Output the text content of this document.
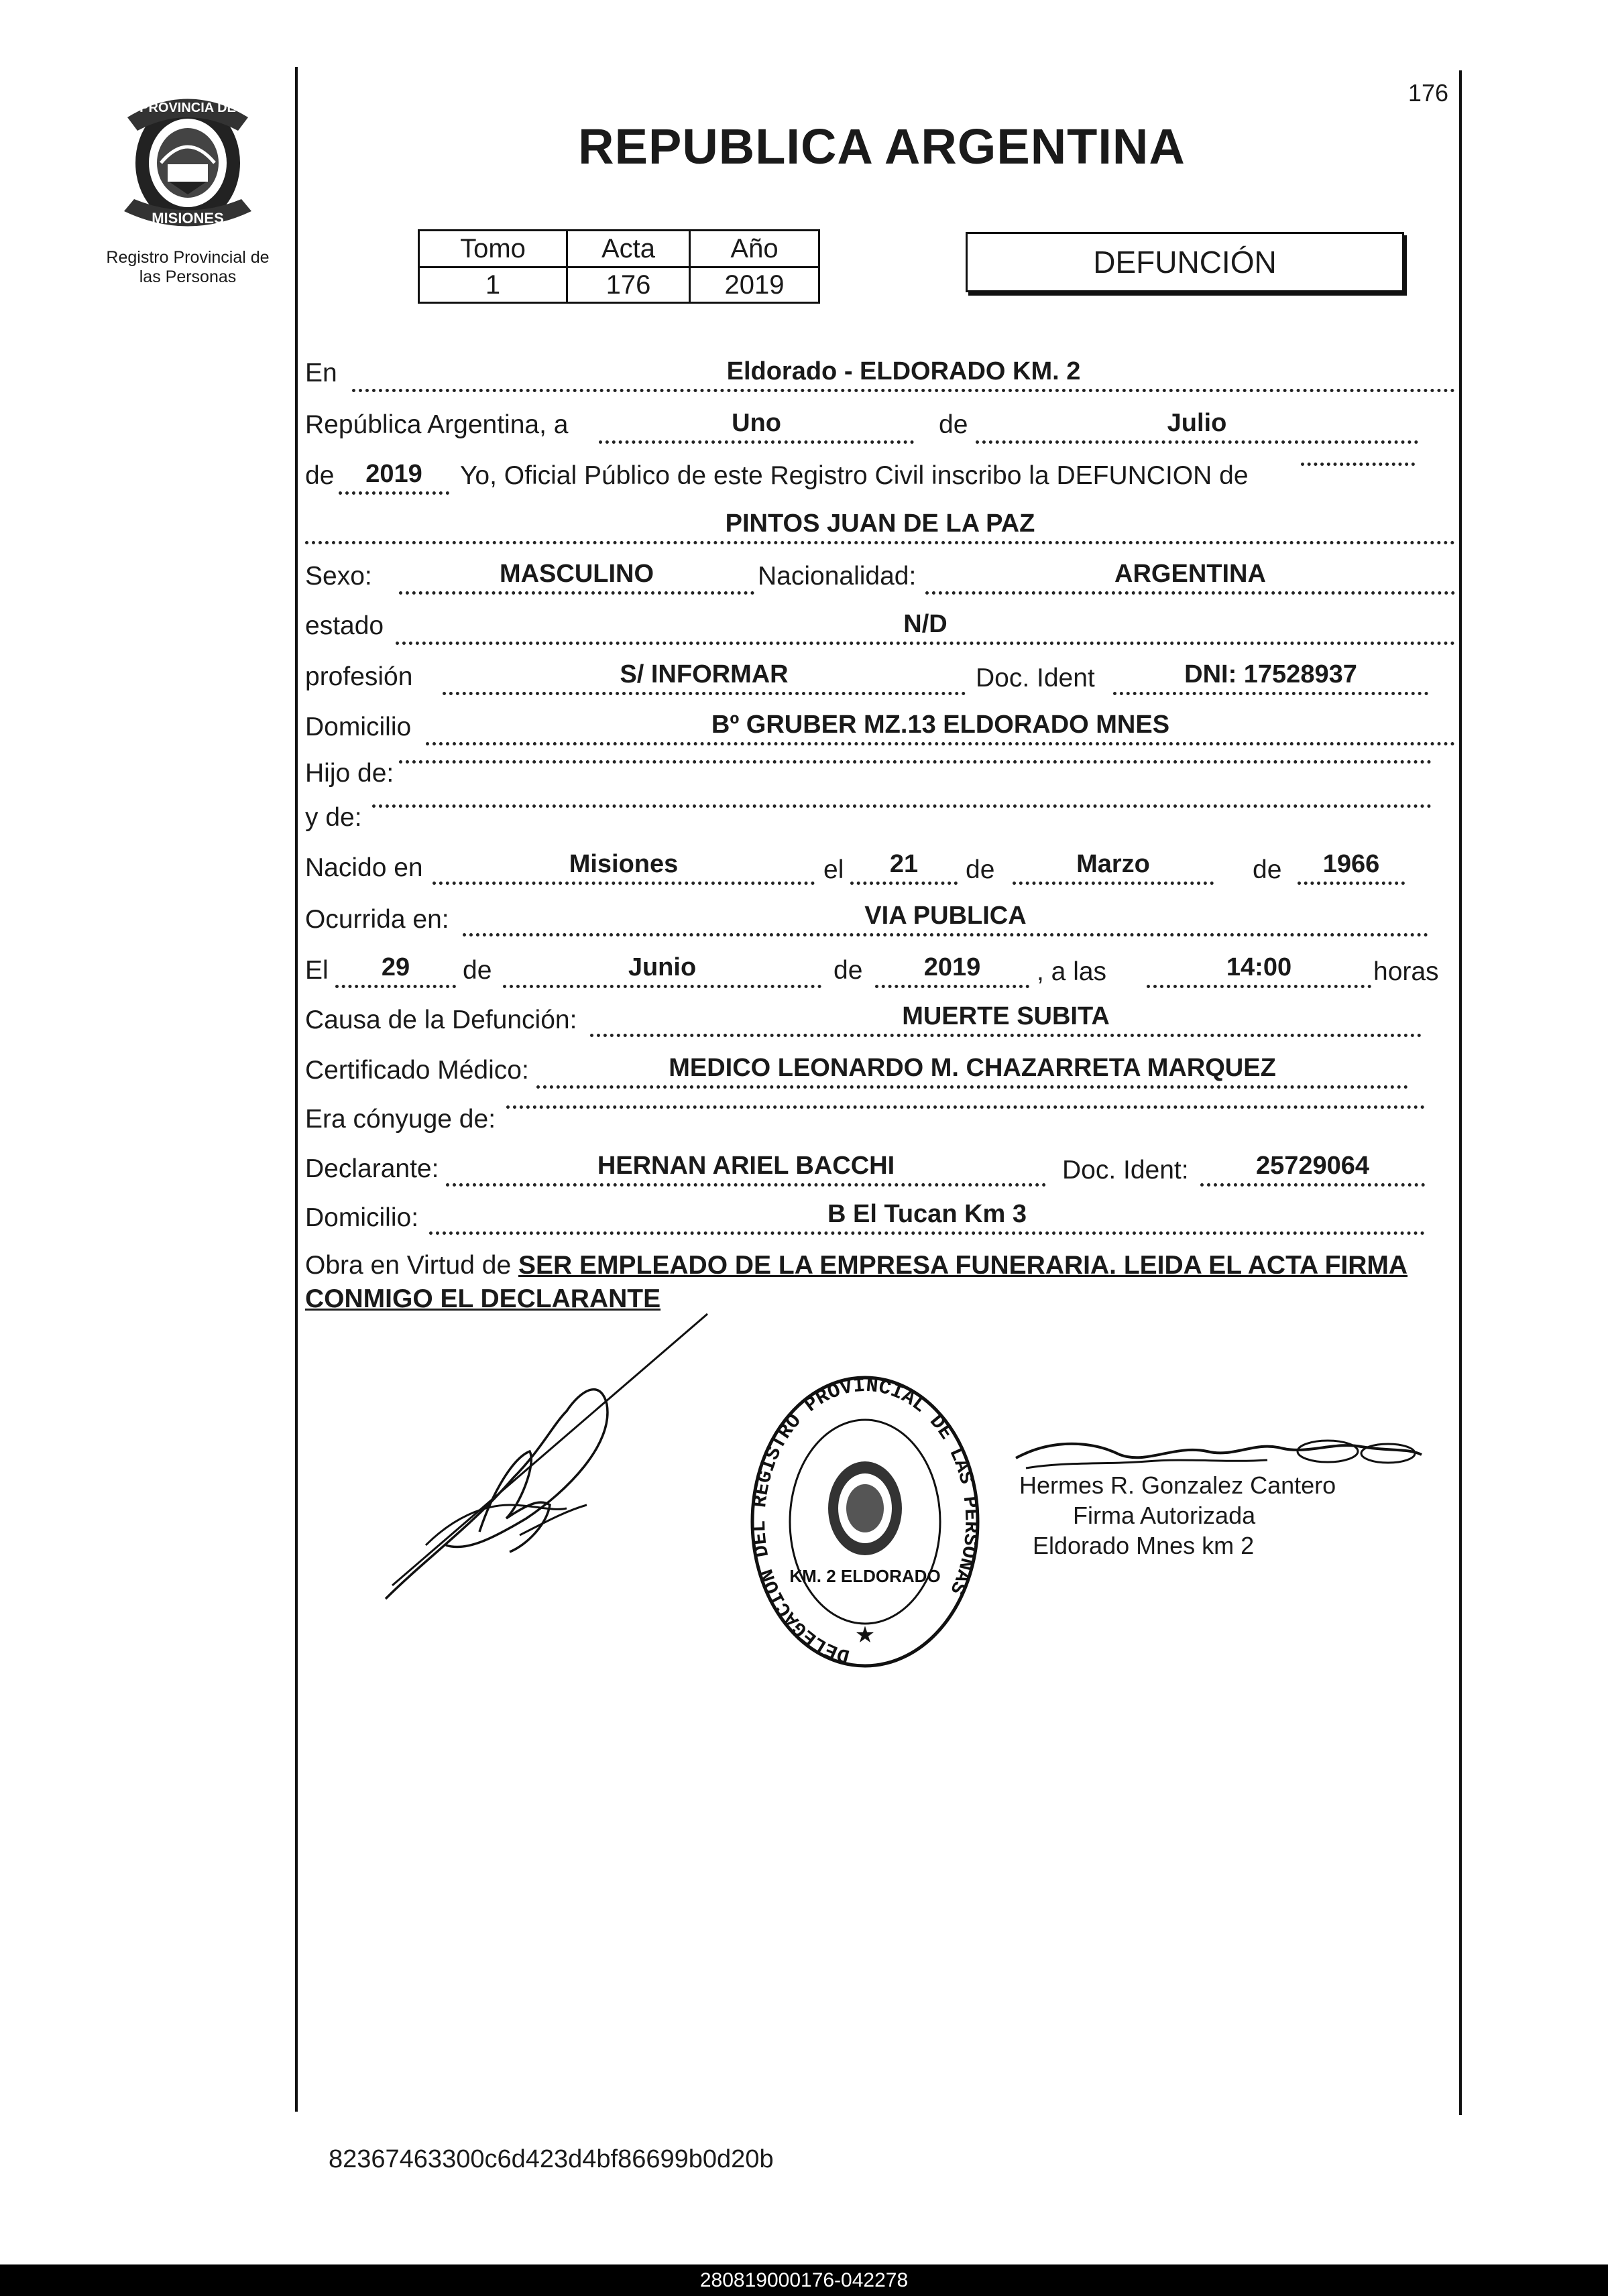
PROVINCIA DE
MISIONES
Registro Provincial de
las Personas
176
REPUBLICA ARGENTINA
Tomo	Acta	Año
1	176	2019
DEFUNCIÓN
En	Eldorado - ELDORADO KM. 2
República Argentina, a	Uno	de	Julio
de	2019	Yo, Oficial Público de este Registro Civil inscribo la DEFUNCION de
PINTOS JUAN DE LA PAZ
Sexo:	MASCULINO	Nacionalidad:	ARGENTINA
estado	N/D
profesión	S/ INFORMAR	Doc. Ident	DNI: 17528937
Domicilio	Bº GRUBER MZ.13 ELDORADO MNES
Hijo de:
y de:
Nacido en	Misiones	el	21	de	Marzo	de	1966
Ocurrida en:	VIA PUBLICA
El	29	de	Junio	de	2019	, a las	14:00	horas
Causa de la Defunción:	MUERTE SUBITA
Certificado Médico:	MEDICO LEONARDO M. CHAZARRETA MARQUEZ
Era cónyuge de:
Declarante:	HERNAN ARIEL BACCHI	Doc. Ident:	25729064
Domicilio:	B El Tucan Km 3
Obra en Virtud de SER EMPLEADO DE LA EMPRESA FUNERARIA. LEIDA EL ACTA FIRMA
CONMIGO EL DECLARANTE
DELEGACION DEL REGISTRO PROVINCIAL DE LAS PERSONAS
KM. 2 ELDORADO
★
Hermes R. Gonzalez Cantero
Firma Autorizada
Eldorado Mnes km 2
82367463300c6d423d4bf86699b0d20b
280819000176-042278
